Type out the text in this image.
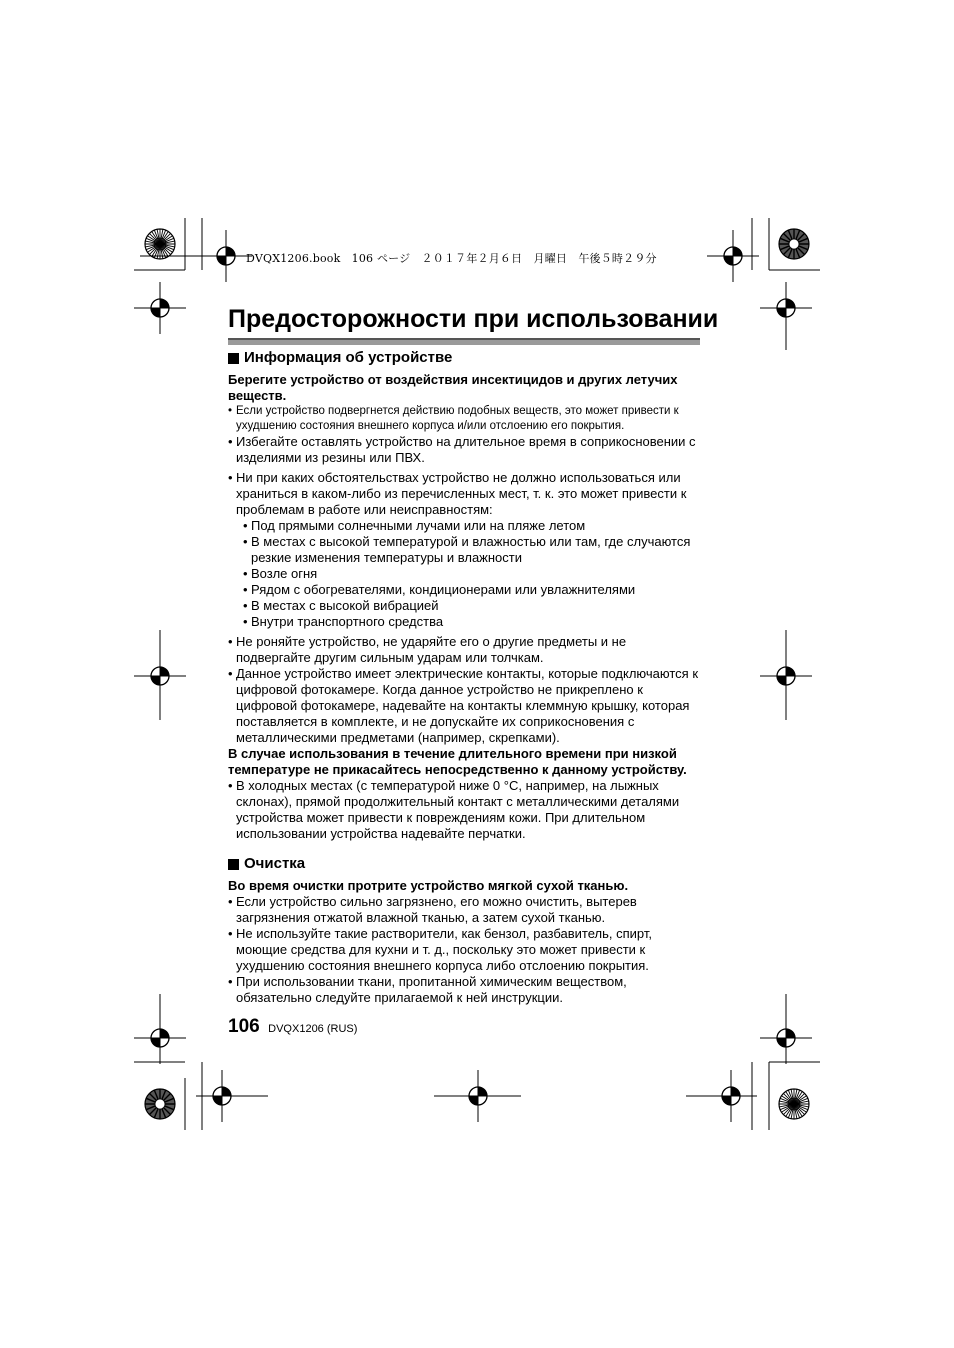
DVQX1206.book　106 ページ　２０１７年２月６日　月曜日　午後５時２９分
Предосторожности при использовании
Информация об устройстве

Берегите устройство от воздействия инсектицидов и других летучих веществ.

• Если устройство подвергнется действию подобных веществ, это может привести к ухудшению состояния внешнего корпуса и/или отслоению его покрытия.
• Избегайте оставлять устройство на длительное время в соприкосновении с изделиями из резины или ПВХ.
• Ни при каких обстоятельствах устройство не должно использоваться или храниться в каком-либо из перечисленных мест, т. к. это может привести к проблемам в работе или неисправностям:
• Под прямыми солнечными лучами или на пляже летом
• В местах с высокой температурой и влажностью или там, где случаются резкие изменения температуры и влажности
• Возле огня
• Рядом с обогревателями, кондиционерами или увлажнителями
• В местах с высокой вибрацией
• Внутри транспортного средства
• Не роняйте устройство, не ударяйте его о другие предметы и не подвергайте другим сильным ударам или толчкам.
• Данное устройство имеет электрические контакты, которые подключаются к цифровой фотокамере. Когда данное устройство не прикреплено к цифровой фотокамере, надевайте на контакты клеммную крышку, которая поставляется в комплекте, и не допускайте их соприкосновения с металлическими предметами (например, скрепками).

В случае использования в течение длительного времени при низкой температуре не прикасайтесь непосредственно к данному устройству.

• В холодных местах (с температурой ниже 0 °C, например, на лыжных склонах), прямой продолжительный контакт с металлическими деталями устройства может привести к повреждениям кожи. При длительном использовании устройства надевайте перчатки.
Очистка

Во время очистки протрите устройство мягкой сухой тканью.

• Если устройство сильно загрязнено, его можно очистить, вытерев загрязнения отжатой влажной тканью, а затем сухой тканью.
• Не используйте такие растворители, как бензол, разбавитель, спирт, моющие средства для кухни и т. д., поскольку это может привести к ухудшению состояния внешнего корпуса либо отслоению покрытия.
• При использовании ткани, пропитанной химическим веществом, обязательно следуйте прилагаемой к ней инструкции.
106 DVQX1206 (RUS)
